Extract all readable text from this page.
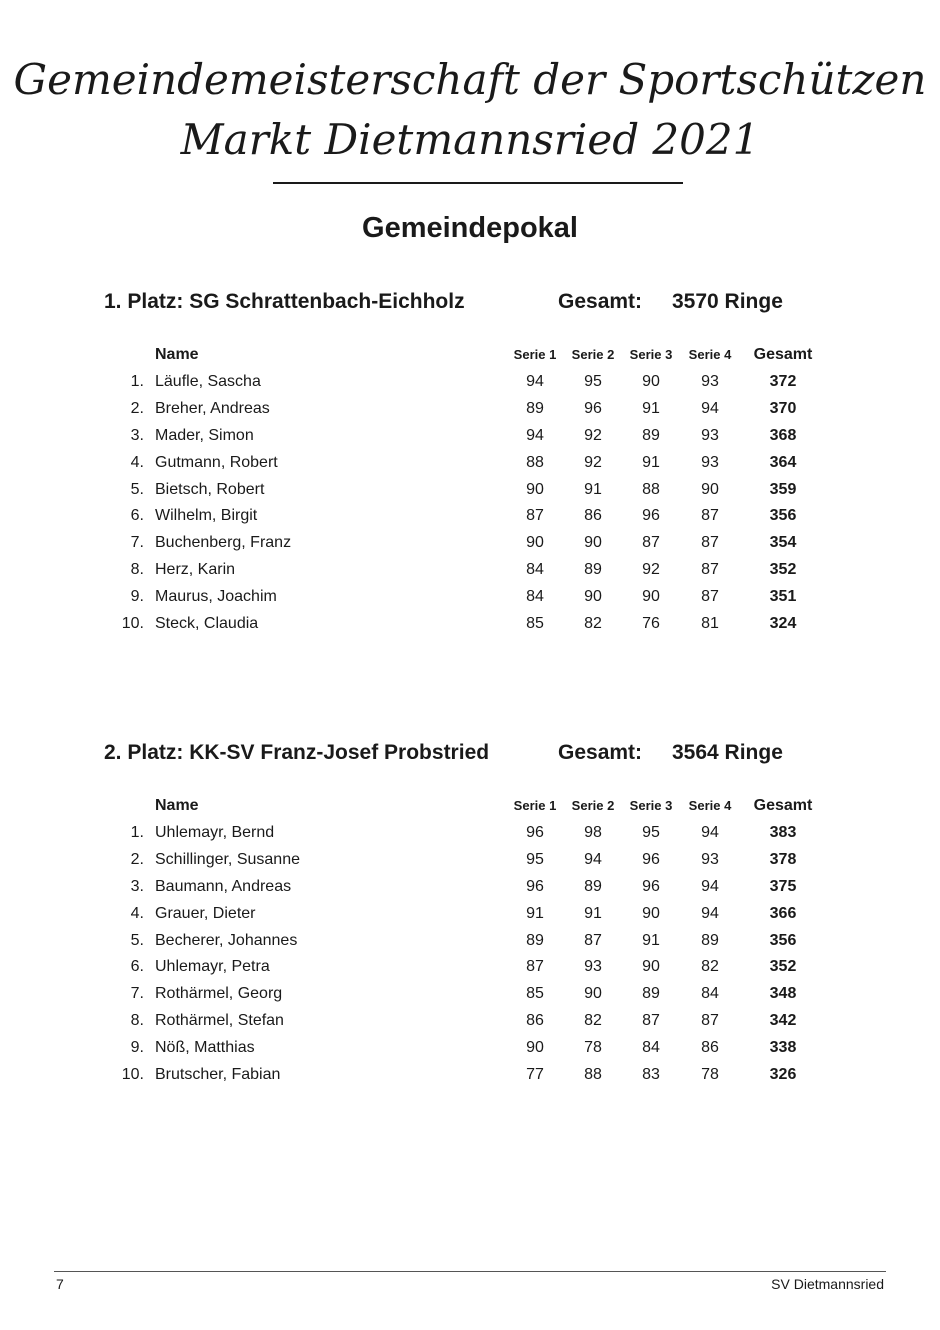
Gemeindemeisterschaft der Sportschützen
Markt Dietmannsried 2021
Gemeindepokal
1. Platz: SG Schrattenbach-Eichholz	Gesamt: 3570 Ringe
Name	Serie 1	Serie 2	Serie 3	Serie 4	Gesamt
1. Läufle, Sascha	94	95	90	93	372
2. Breher, Andreas	89	96	91	94	370
3. Mader, Simon	94	92	89	93	368
4. Gutmann, Robert	88	92	91	93	364
5. Bietsch, Robert	90	91	88	90	359
6. Wilhelm, Birgit	87	86	96	87	356
7. Buchenberg, Franz	90	90	87	87	354
8. Herz, Karin	84	89	92	87	352
9. Maurus, Joachim	84	90	90	87	351
10. Steck, Claudia	85	82	76	81	324
2. Platz: KK-SV Franz-Josef Probstried	Gesamt: 3564 Ringe
Name	Serie 1	Serie 2	Serie 3	Serie 4	Gesamt
1. Uhlemayr, Bernd	96	98	95	94	383
2. Schillinger, Susanne	95	94	96	93	378
3. Baumann, Andreas	96	89	96	94	375
4. Grauer, Dieter	91	91	90	94	366
5. Becherer, Johannes	89	87	91	89	356
6. Uhlemayr, Petra	87	93	90	82	352
7. Rothärmel, Georg	85	90	89	84	348
8. Rothärmel, Stefan	86	82	87	87	342
9. Nöß, Matthias	90	78	84	86	338
10. Brutscher, Fabian	77	88	83	78	326
7	SV Dietmannsried
